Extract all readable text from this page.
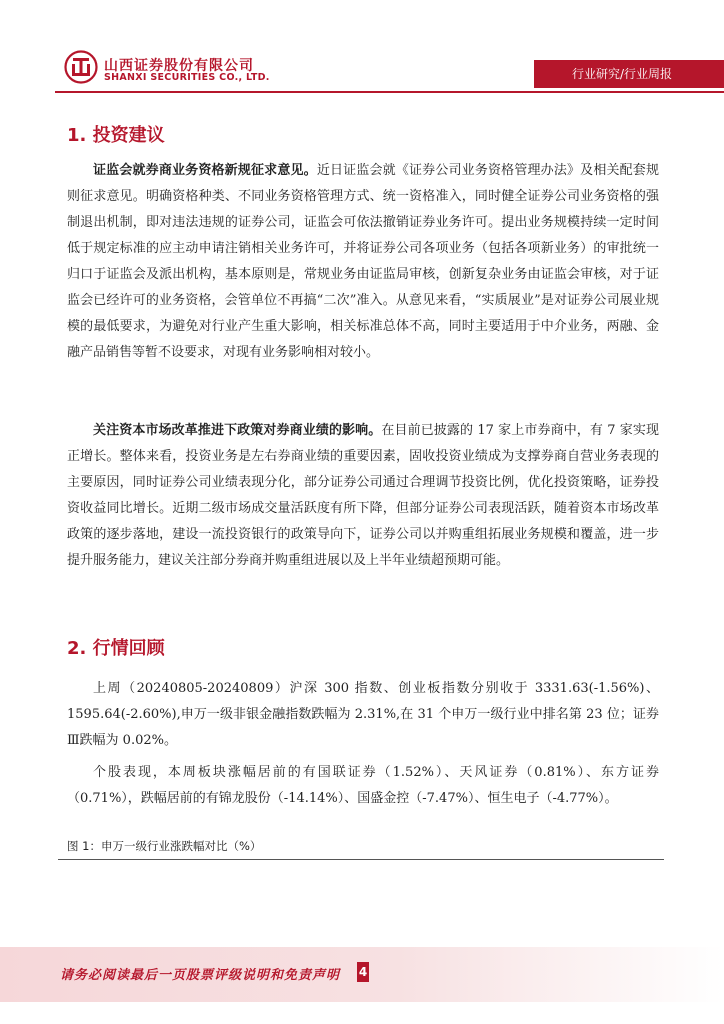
山西证券股份有限公司
SHANXI SECURITIES CO., LTD.	行业研究/行业周报
1. 投资建议

证监会就券商业务资格新规征求意见。近日证监会就《证券公司业务资格管理办法》及相关配套规则征求意见。明确资格种类、不同业务资格管理方式、统一资格准入，同时健全证券公司业务资格的强制退出机制，即对违法违规的证券公司，证监会可依法撤销证券业务许可。提出业务规模持续一定时间低于规定标准的应主动申请注销相关业务许可，并将证券公司各项业务（包括各项新业务）的审批统一归口于证监会及派出机构，基本原则是，常规业务由证监局审核，创新复杂业务由证监会审核，对于证监会已经许可的业务资格，会管单位不再搞“二次”准入。从意见来看，“实质展业”是对证券公司展业规模的最低要求，为避免对行业产生重大影响，相关标准总体不高，同时主要适用于中介业务，两融、金融产品销售等暂不设要求，对现有业务影响相对较小。

关注资本市场改革推进下政策对券商业绩的影响。在目前已披露的 17 家上市券商中，有 7 家实现正增长。整体来看，投资业务是左右券商业绩的重要因素，固收投资业绩成为支撑券商自营业务表现的主要原因，同时证券公司业绩表现分化，部分证券公司通过合理调节投资比例，优化投资策略，证券投资收益同比增长。近期二级市场成交量活跃度有所下降，但部分证券公司表现活跃，随着资本市场改革政策的逐步落地，建设一流投资银行的政策导向下，证券公司以并购重组拓展业务规模和覆盖，进一步提升服务能力，建议关注部分券商并购重组进展以及上半年业绩超预期可能。

2. 行情回顾

上周（20240805-20240809）沪深 300 指数、创业板指数分别收于 3331.63(-1.56%)、1595.64(-2.60%),申万一级非银金融指数跌幅为 2.31%,在 31 个申万一级行业中排名第 23 位；证券Ⅲ跌幅为 0.02%。

个股表现，本周板块涨幅居前的有国联证券（1.52%）、天风证券（0.81%）、东方证券（0.71%），跌幅居前的有锦龙股份（-14.14%）、国盛金控（-7.47%）、恒生电子（-4.77%）。

图 1：申万一级行业涨跌幅对比（%）
请务必阅读最后一页股票评级说明和免责声明 4
